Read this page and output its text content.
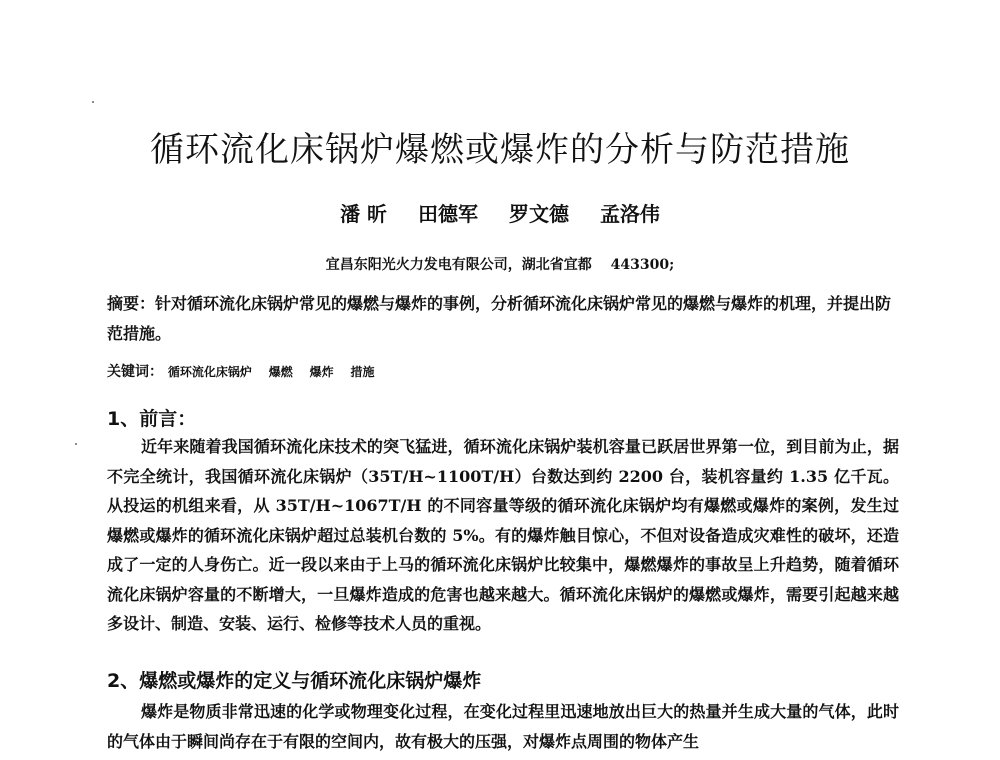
循环流化床锅炉爆燃或爆炸的分析与防范措施
潘 昕 田德军 罗文德 孟洛伟
宜昌东阳光火力发电有限公司，湖北省宜都　 443300;
摘要：针对循环流化床锅炉常见的爆燃与爆炸的事例，分析循环流化床锅炉常见的爆燃与爆炸的机理，并提出防范措施。
关键词： 循环流化床锅炉 爆燃 爆炸 措施
1、前言：
近年来随着我国循环流化床技术的突飞猛进，循环流化床锅炉装机容量已跃居世界第一位，到目前为止，据不完全统计，我国循环流化床锅炉（35T/H~1100T/H）台数达到约 2200 台，装机容量约 1.35 亿千瓦。从投运的机组来看，从 35T/H~1067T/H 的不同容量等级的循环流化床锅炉均有爆燃或爆炸的案例，发生过爆燃或爆炸的循环流化床锅炉超过总装机台数的 5%。有的爆炸触目惊心，不但对设备造成灾难性的破坏，还造成了一定的人身伤亡。近一段以来由于上马的循环流化床锅炉比较集中，爆燃爆炸的事故呈上升趋势，随着循环流化床锅炉容量的不断增大，一旦爆炸造成的危害也越来越大。循环流化床锅炉的爆燃或爆炸，需要引起越来越多设计、制造、安装、运行、检修等技术人员的重视。
2、爆燃或爆炸的定义与循环流化床锅炉爆炸
爆炸是物质非常迅速的化学或物理变化过程，在变化过程里迅速地放出巨大的热量并生成大量的气体，此时的气体由于瞬间尚存在于有限的空间内，故有极大的压强，对爆炸点周围的物体产生
